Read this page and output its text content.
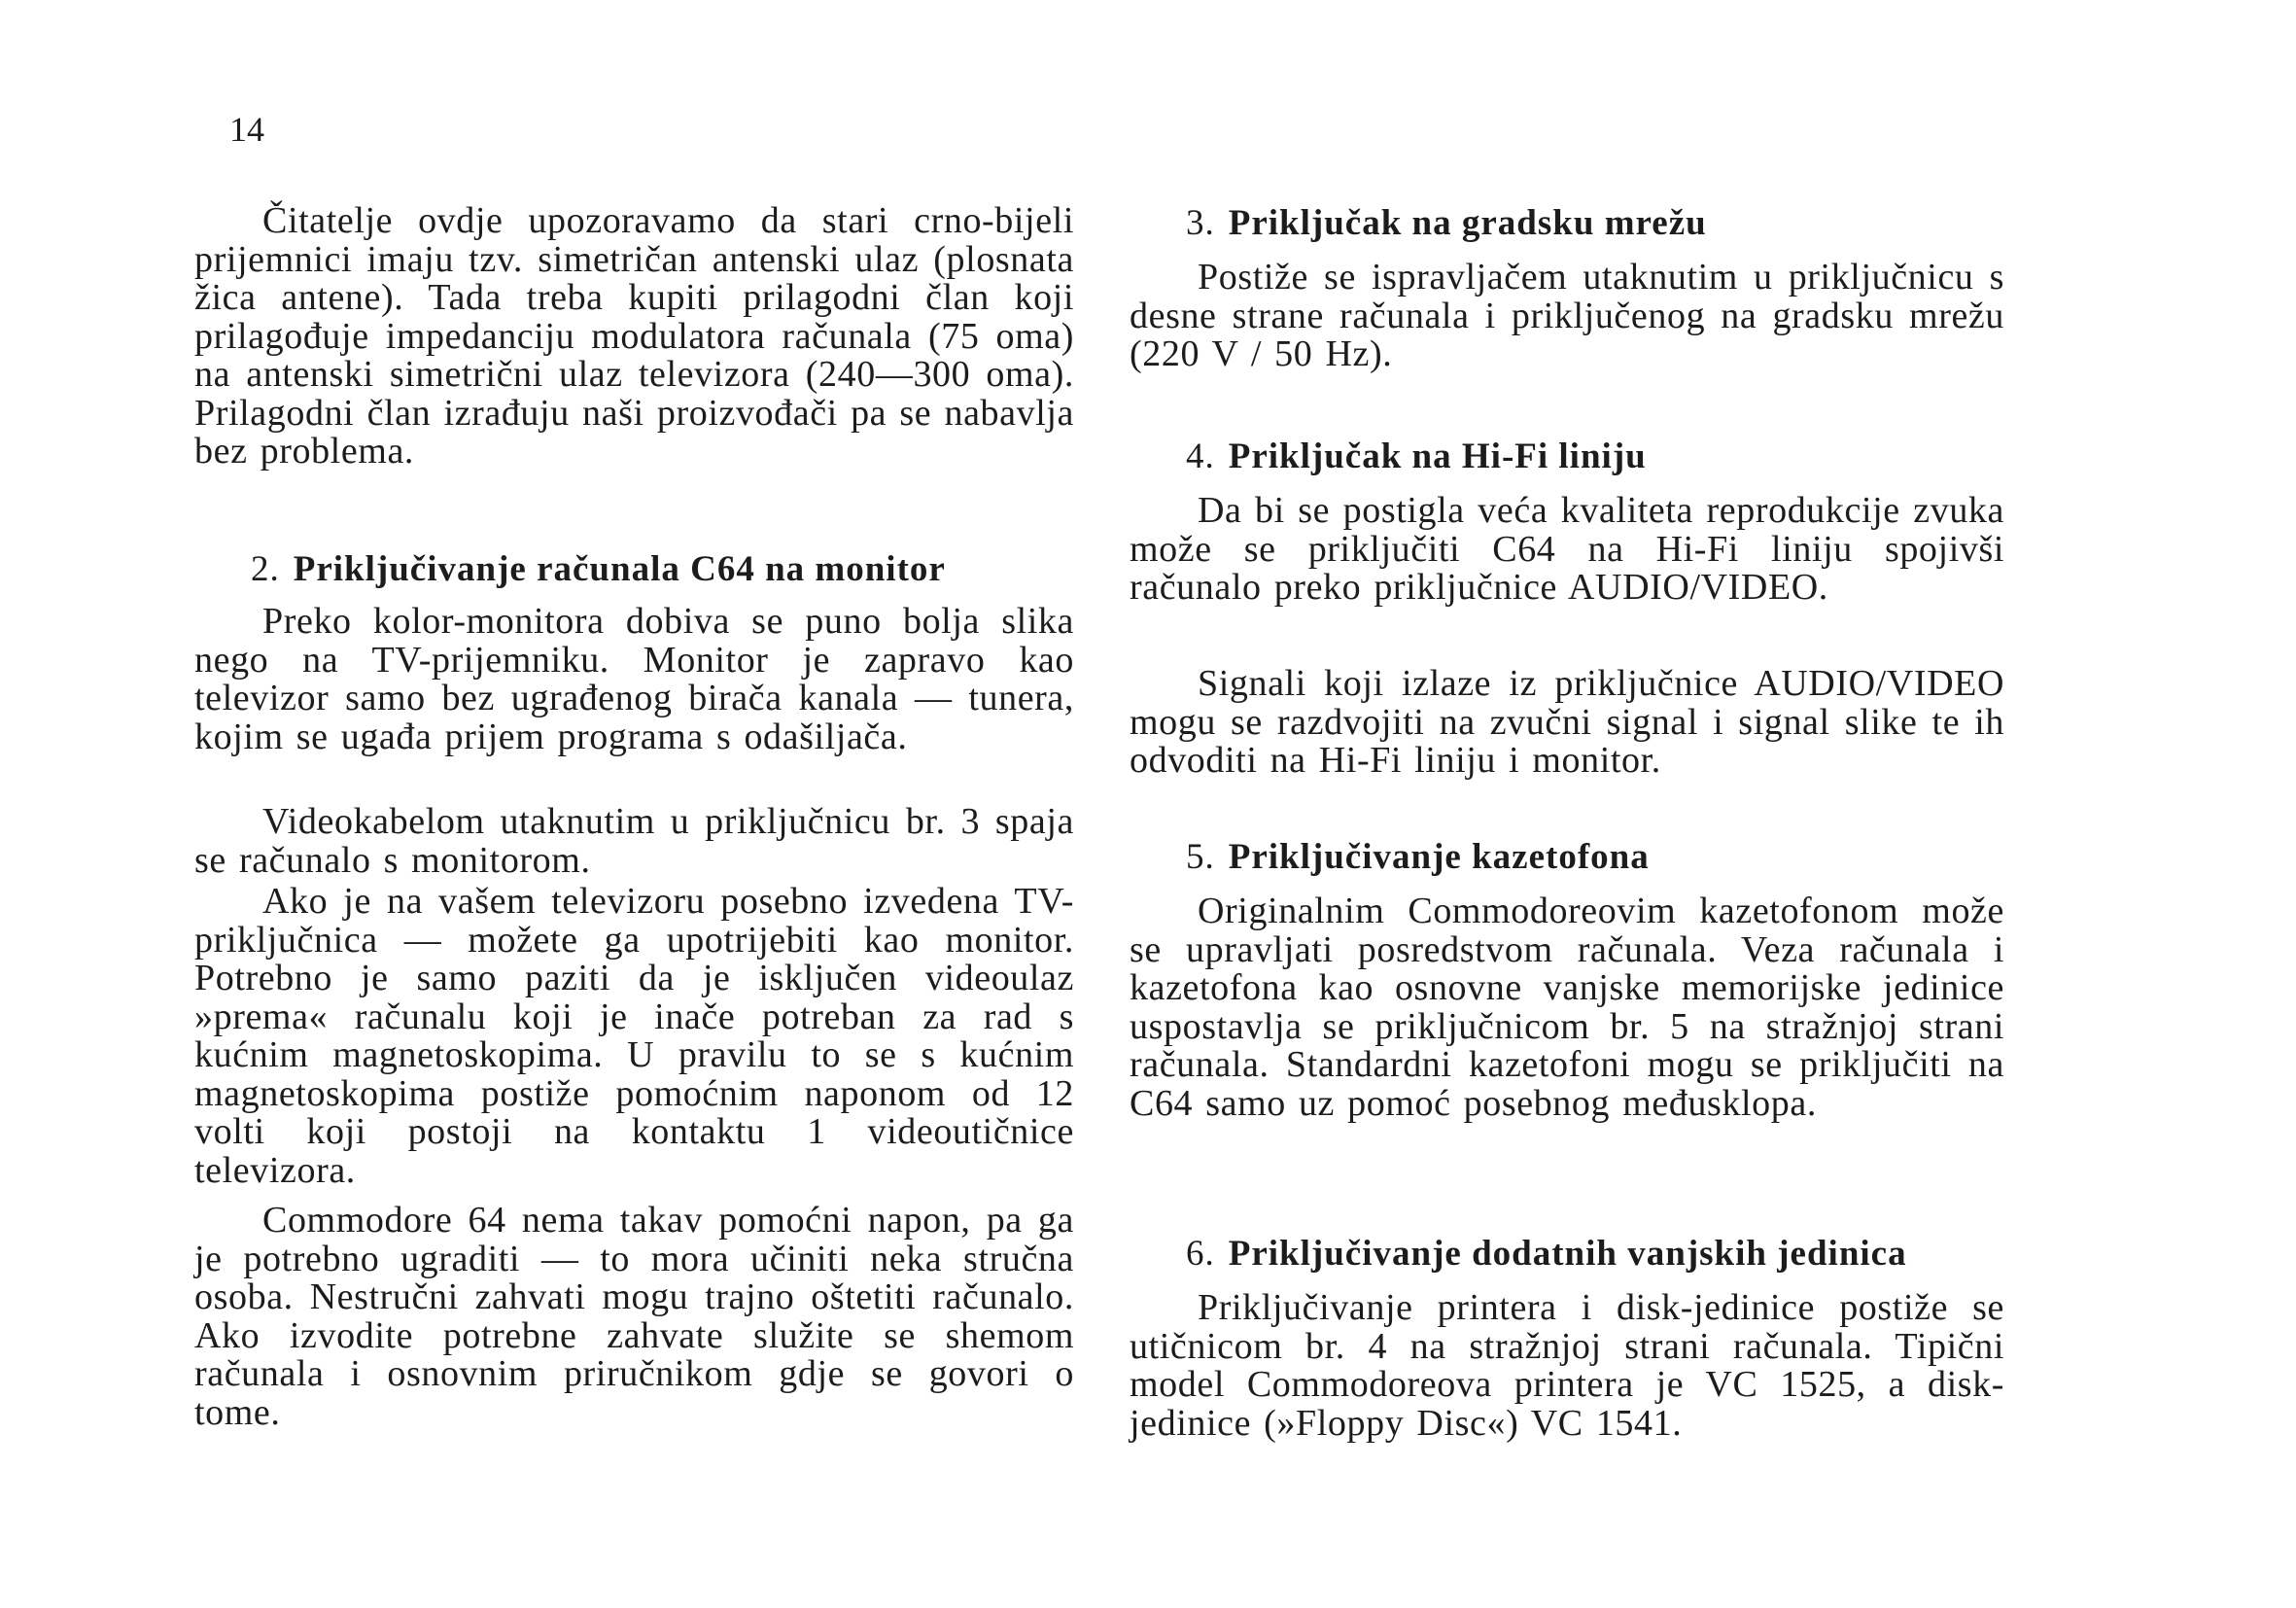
14

Čitatelje ovdje upozoravamo da stari crno-bijeli prijemnici imaju tzv. simetričan antenski ulaz (plosnata žica antene). Tada treba kupiti prilagodni član koji prilagođuje impedanciju modulatora računala (75 oma) na antenski simetrični ulaz televizora (240—300 oma). Prilagodni član izrađuju naši proizvođači pa se nabavlja bez problema.

2. Priključivanje računala C64 na monitor

Preko kolor-monitora dobiva se puno bolja slika nego na TV-prijemniku. Monitor je zapravo kao televizor samo bez ugrađenog birača kanala — tunera, kojim se ugađa prijem programa s odašiljača.

Videokabelom utaknutim u priključnicu br. 3 spaja se računalo s monitorom.

Ako je na vašem televizoru posebno izvedena TV-priključnica — možete ga upotrijebiti kao monitor. Potrebno je samo paziti da je isključen videoulaz »prema« računalu koji je inače potreban za rad s kućnim magnetoskopima. U pravilu to se s kućnim magnetoskopima postiže pomoćnim naponom od 12 volti koji postoji na kontaktu 1 videoutičnice televizora.

Commodore 64 nema takav pomoćni napon, pa ga je potrebno ugraditi — to mora učiniti neka stručna osoba. Nestručni zahvati mogu trajno oštetiti računalo. Ako izvodite potrebne zahvate služite se shemom računala i osnovnim priručnikom gdje se govori o tome.

3. Priključak na gradsku mrežu

Postiže se ispravljačem utaknutim u priključnicu s desne strane računala i priključenog na gradsku mrežu (220 V / 50 Hz).

4. Priključak na Hi-Fi liniju

Da bi se postigla veća kvaliteta reprodukcije zvuka može se priključiti C64 na Hi-Fi liniju spojivši računalo preko priključnice AUDIO/VIDEO.

Signali koji izlaze iz priključnice AUDIO/VIDEO mogu se razdvojiti na zvučni signal i signal slike te ih odvoditi na Hi-Fi liniju i monitor.

5. Priključivanje kazetofona

Originalnim Commodoreovim kazetofonom može se upravljati posredstvom računala. Veza računala i kazetofona kao osnovne vanjske memorijske jedinice uspostavlja se priključnicom br. 5 na stražnjoj strani računala. Standardni kazetofoni mogu se priključiti na C64 samo uz pomoć posebnog međusklopa.

6. Priključivanje dodatnih vanjskih jedinica

Priključivanje printera i disk-jedinice postiže se utičnicom br. 4 na stražnjoj strani računala. Tipični model Commodoreova printera je VC 1525, a disk-jedinice (»Floppy Disc«) VC 1541.
